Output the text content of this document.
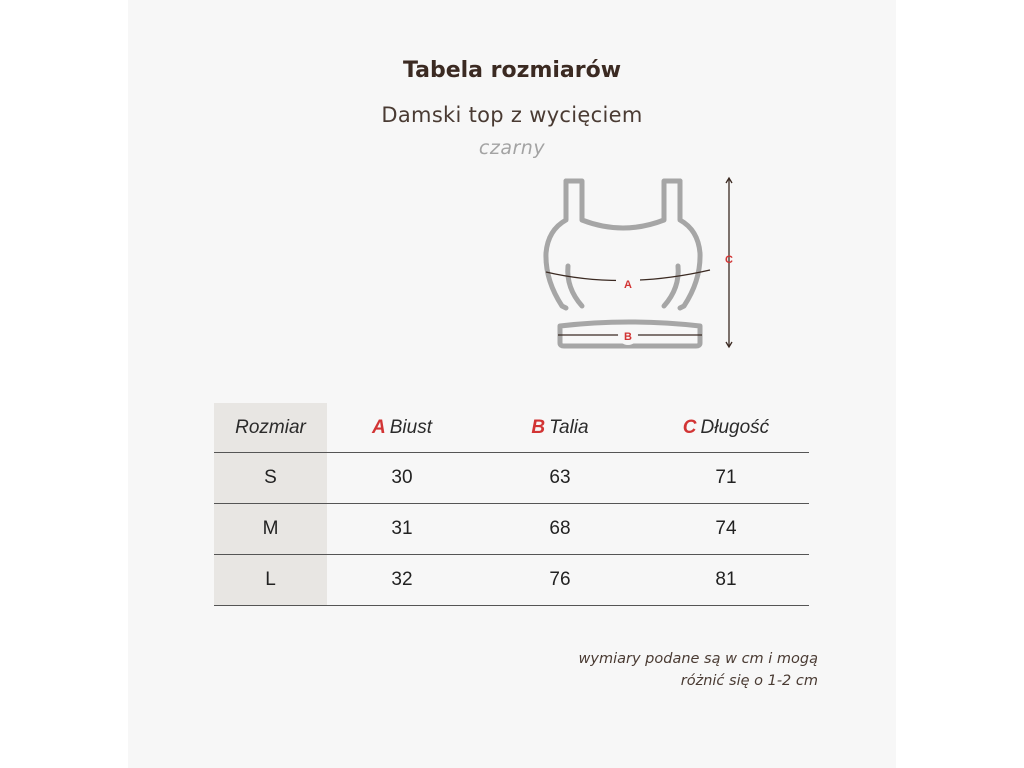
Tabela rozmiarów
Damski top z wycięciem
czarny
A
B
C
Rozmiar	A Biust	B Talia	C Długość
S	30	63	71
M	31	68	74
L	32	76	81
wymiary podane są w cm i mogą
różnić się o 1-2 cm
